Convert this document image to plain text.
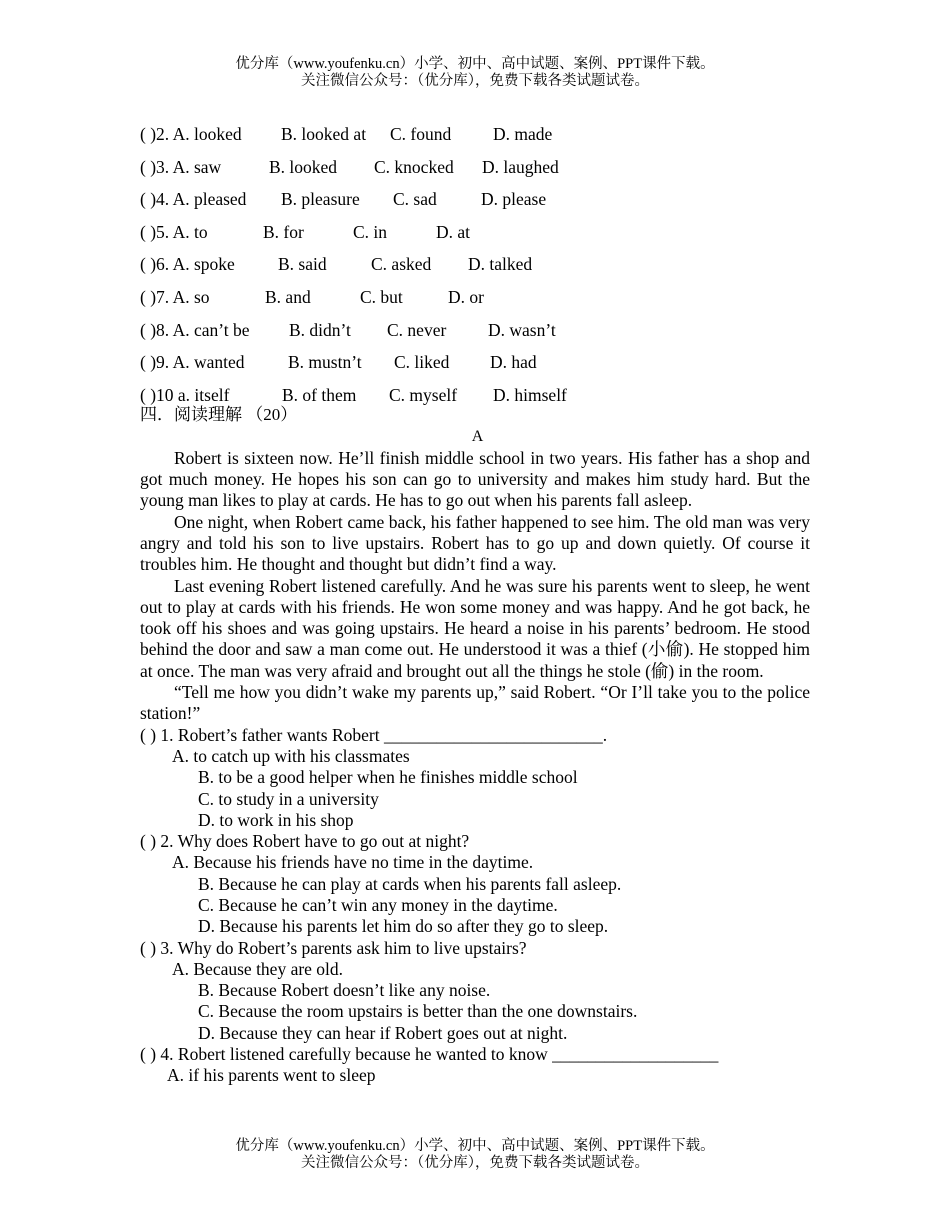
优分库（www.youfenku.cn）小学、初中、高中试题、案例、PPT课件下载。
关注微信公众号：（优分库），免费下载各类试题试卷。
( )2. A. looked B. looked at C. found D. made
( )3. A. saw	B. looked C. knocked D. laughed
( )4. A. pleased B. pleasure C. sad	D. please
( )5. A. to	B. for	C. in	D. at
( )6. A. spoke B. said	C. asked D. talked
( )7. A. so	B. and	C. but	D. or
( )8. A. can’t be B. didn’t C. never D. wasn’t
( )9. A. wanted B. mustn’t C. liked D. had
( )10 a. itself	B. of them C. myself D. himself
四．阅读理解 （20）
A

Robert is sixteen now. He’ll finish middle school in two years. His father has a shop and got much money. He hopes his son can go to university and makes him study hard. But the young man likes to play at cards. He has to go out when his parents fall asleep.

One night, when Robert came back, his father happened to see him. The old man was very angry and told his son to live upstairs. Robert has to go up and down quietly. Of course it troubles him. He thought and thought but didn’t find a way.

Last evening Robert listened carefully. And he was sure his parents went to sleep, he went out to play at cards with his friends. He won some money and was happy. And he got back, he took off his shoes and was going upstairs. He heard a noise in his parents’ bedroom. He stood behind the door and saw a man come out. He understood it was a thief (小偷). He stopped him at once. The man was very afraid and brought out all the things he stole (偷) in the room.

“Tell me how you didn’t wake my parents up,” said Robert. “Or I’ll take you to the police station!”

( ) 1. Robert’s father wants Robert _________________________.
A. to catch up with his classmates
B. to be a good helper when he finishes middle school
C. to study in a university
D. to work in his shop
( ) 2. Why does Robert have to go out at night?
A. Because his friends have no time in the daytime.
B. Because he can play at cards when his parents fall asleep.
C. Because he can’t win any money in the daytime.
D. Because his parents let him do so after they go to sleep.
( ) 3. Why do Robert’s parents ask him to live upstairs?
A. Because they are old.
B. Because Robert doesn’t like any noise.
C. Because the room upstairs is better than the one downstairs.
D. Because they can hear if Robert goes out at night.
( ) 4. Robert listened carefully because he wanted to know ___________________
A. if his parents went to sleep
优分库（www.youfenku.cn）小学、初中、高中试题、案例、PPT课件下载。
关注微信公众号：（优分库），免费下载各类试题试卷。
